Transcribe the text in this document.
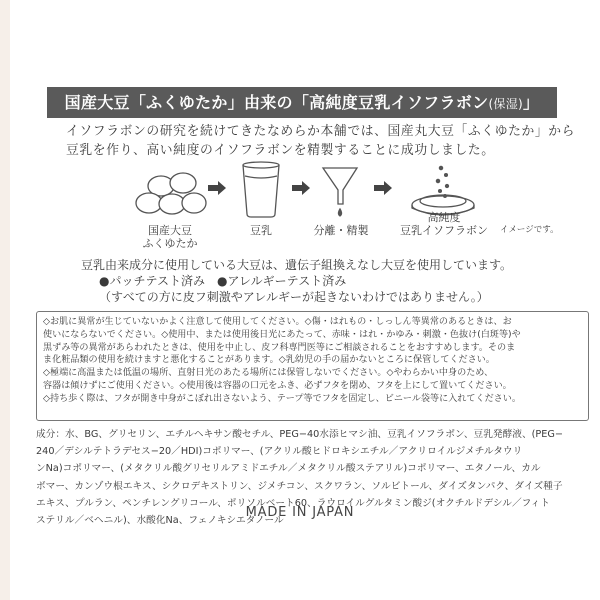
国産大豆「ふくゆたか」由来の「高純度豆乳イソフラボン(保湿)」
イソフラボンの研究を続けてきたなめらか本舗では、国産丸大豆「ふくゆたか」から
豆乳を作り、高い純度のイソフラボンを精製することに成功しました。
国産大豆
ふくゆたか
豆乳	分離・精製
高純度
豆乳イソフラボン	イメージです。
豆乳由来成分に使用している大豆は、遺伝子組換えなし大豆を使用しています。
●パッチテスト済み　●アレルギーテスト済み
（すべての方に皮フ刺激やアレルギーが起きないわけではありません。）
◇お肌に異常が生じていないかよく注意して使用してください。◇傷・はれもの・しっしん等異常のあるときは、お
使いにならないでください。◇使用中、または使用後日光にあたって、赤味・はれ・かゆみ・刺激・色抜け(白斑等)や
黒ずみ等の異常があらわれたときは、使用を中止し、皮フ科専門医等にご相談されることをおすすめします。そのま
ま化粧品類の使用を続けますと悪化することがあります。◇乳幼児の手の届かないところに保管してください。
◇極端に高温または低温の場所、直射日光のあたる場所には保管しないでください。◇やわらかい中身のため、
容器は傾けずにご使用ください。◇使用後は容器の口元をふき、必ずフタを閉め、フタを上にして置いてください。
◇持ち歩く際は、フタが開き中身がこぼれ出さないよう、テープ等でフタを固定し、ビニール袋等に入れてください。
成分：水、BG、グリセリン、エチルヘキサン酸セチル、PEG−40水添ヒマシ油、豆乳イソフラボン、豆乳発酵液、(PEG−
240／デシルテトラデセス−20／HDI)コポリマー、(アクリル酸ヒドロキシエチル／アクリロイルジメチルタウリ
ンNa)コポリマー、(メタクリル酸グリセリルアミドエチル／メタクリル酸ステアリル)コポリマー、エタノール、カル
ボマー、カンゾウ根エキス、シクロデキストリン、ジメチコン、スクワラン、ソルビトール、ダイズタンパク、ダイズ種子
エキス、プルラン、ペンチレングリコール、ポリソルベート60、ラウロイルグルタミン酸ジ(オクチルドデシル／フィト
ステリル／ベヘニル)、水酸化Na、フェノキシエタノール
MADE IN JAPAN
